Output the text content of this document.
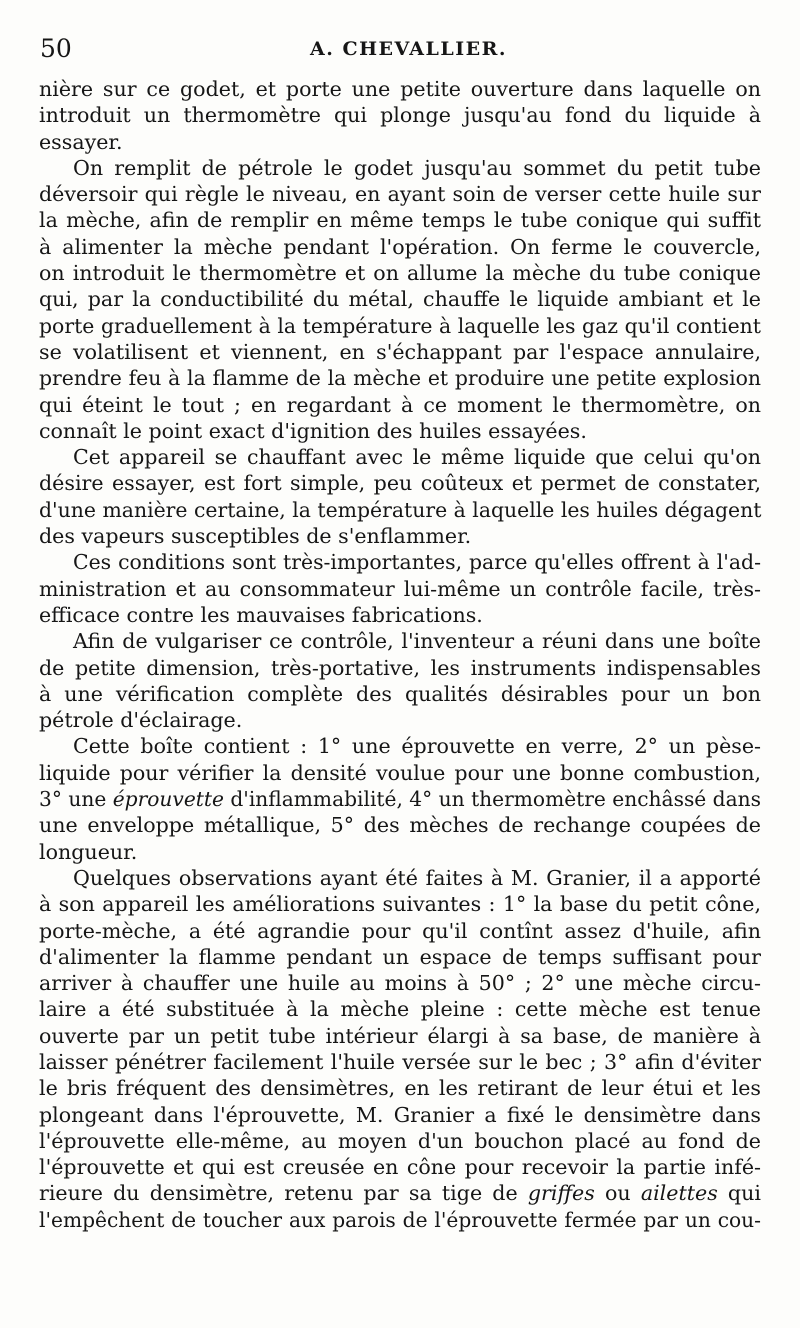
50	A. CHEVALLIER.
nière sur ce godet, et porte une petite ouverture dans laquelle on
introduit un thermomètre qui plonge jusqu'au fond du liquide à
essayer.
On remplit de pétrole le godet jusqu'au sommet du petit tube
déversoir qui règle le niveau, en ayant soin de verser cette huile sur
la mèche, afin de remplir en même temps le tube conique qui suffit
à alimenter la mèche pendant l'opération. On ferme le couvercle,
on introduit le thermomètre et on allume la mèche du tube conique
qui, par la conductibilité du métal, chauffe le liquide ambiant et le
porte graduellement à la température à laquelle les gaz qu'il contient
se volatilisent et viennent, en s'échappant par l'espace annulaire,
prendre feu à la flamme de la mèche et produire une petite explosion
qui éteint le tout ; en regardant à ce moment le thermomètre, on
connaît le point exact d'ignition des huiles essayées.
Cet appareil se chauffant avec le même liquide que celui qu'on
désire essayer, est fort simple, peu coûteux et permet de constater,
d'une manière certaine, la température à laquelle les huiles dégagent
des vapeurs susceptibles de s'enflammer.
Ces conditions sont très-importantes, parce qu'elles offrent à l'ad-
ministration et au consommateur lui-même un contrôle facile, très-
efficace contre les mauvaises fabrications.
Afin de vulgariser ce contrôle, l'inventeur a réuni dans une boîte
de petite dimension, très-portative, les instruments indispensables
à une vérification complète des qualités désirables pour un bon
pétrole d'éclairage.
Cette boîte contient : 1° une éprouvette en verre, 2° un pèse-
liquide pour vérifier la densité voulue pour une bonne combustion,
3° une éprouvette d'inflammabilité, 4° un thermomètre enchâssé dans
une enveloppe métallique, 5° des mèches de rechange coupées de
longueur.
Quelques observations ayant été faites à M. Granier, il a apporté
à son appareil les améliorations suivantes : 1° la base du petit cône,
porte-mèche, a été agrandie pour qu'il contînt assez d'huile, afin
d'alimenter la flamme pendant un espace de temps suffisant pour
arriver à chauffer une huile au moins à 50° ; 2° une mèche circu-
laire a été substituée à la mèche pleine : cette mèche est tenue
ouverte par un petit tube intérieur élargi à sa base, de manière à
laisser pénétrer facilement l'huile versée sur le bec ; 3° afin d'éviter
le bris fréquent des densimètres, en les retirant de leur étui et les
plongeant dans l'éprouvette, M. Granier a fixé le densimètre dans
l'éprouvette elle-même, au moyen d'un bouchon placé au fond de
l'éprouvette et qui est creusée en cône pour recevoir la partie infé-
rieure du densimètre, retenu par sa tige de griffes ou ailettes qui
l'empêchent de toucher aux parois de l'éprouvette fermée par un cou-
